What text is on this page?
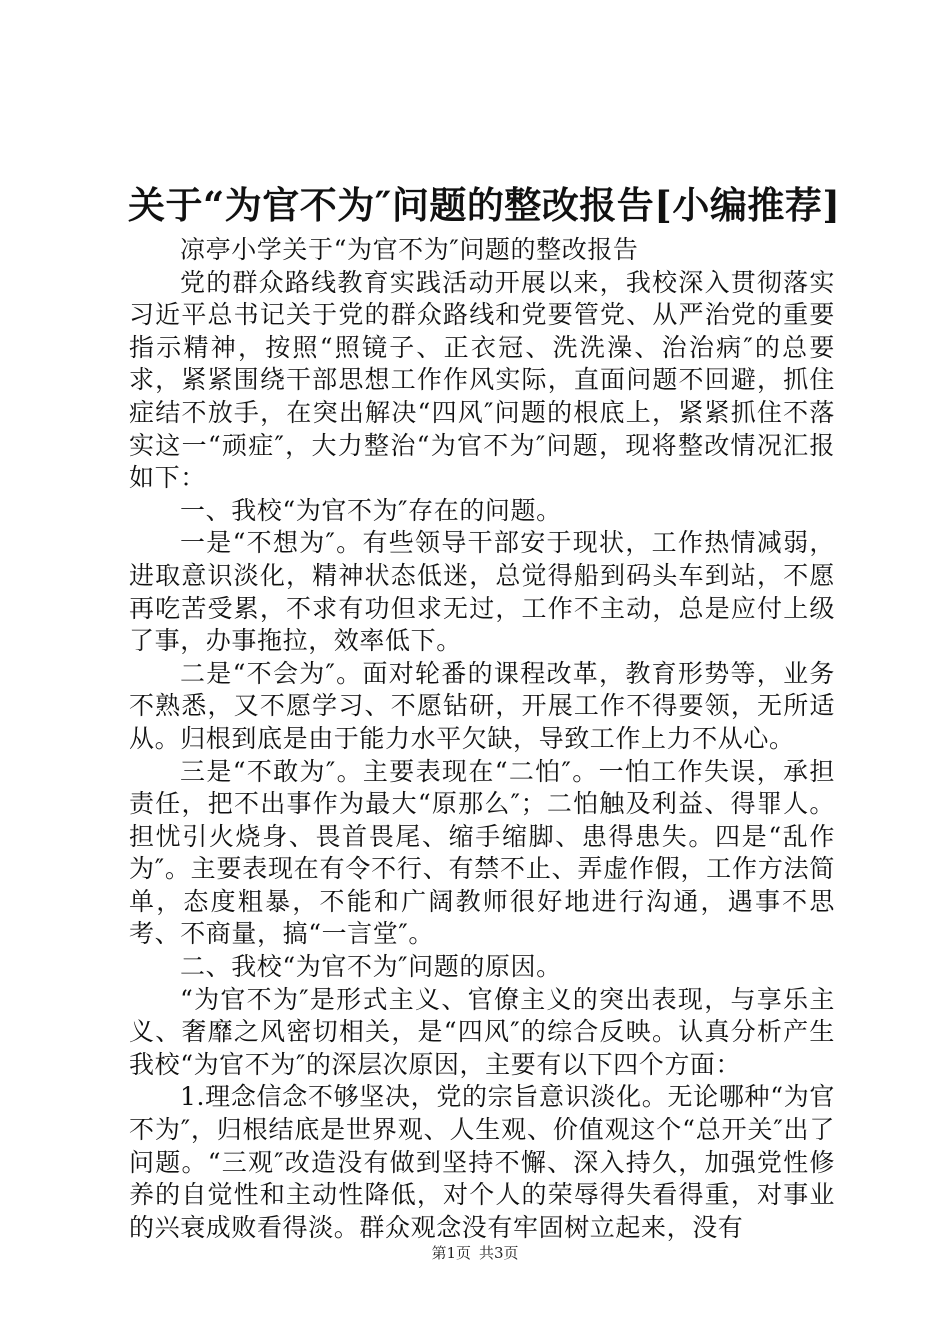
关于“为官不为″问题的整改报告[小编推荐]

凉亭小学关于“为官不为″问题的整改报告

党的群众路线教育实践活动开展以来，我校深入贯彻落实习近平总书记关于党的群众路线和党要管党、从严治党的重要指示精神，按照“照镜子、正衣冠、洗洗澡、治治病″的总要求，紧紧围绕干部思想工作作风实际，直面问题不回避，抓住症结不放手，在突出解决“四风″问题的根底上，紧紧抓住不落实这一“顽症″，大力整治“为官不为″问题，现将整改情况汇报如下：

一、我校“为官不为″存在的问题。

一是“不想为″。有些领导干部安于现状，工作热情减弱，进取意识淡化，精神状态低迷，总觉得船到码头车到站，不愿再吃苦受累，不求有功但求无过，工作不主动，总是应付上级了事，办事拖拉，效率低下。

二是“不会为″。面对轮番的课程改革，教育形势等，业务不熟悉，又不愿学习、不愿钻研，开展工作不得要领，无所适从。归根到底是由于能力水平欠缺，导致工作上力不从心。

三是“不敢为″。主要表现在“二怕″。一怕工作失误，承担责任，把不出事作为最大“原那么″；二怕触及利益、得罪人。担忧引火烧身、畏首畏尾、缩手缩脚、患得患失。四是“乱作为″。主要表现在有令不行、有禁不止、弄虚作假，工作方法简单，态度粗暴，不能和广阔教师很好地进行沟通，遇事不思考、不商量，搞“一言堂″。

二、我校“为官不为″问题的原因。

“为官不为″是形式主义、官僚主义的突出表现，与享乐主义、奢靡之风密切相关，是“四风″的综合反映。认真分析产生我校“为官不为″的深层次原因，主要有以下四个方面：

1.理念信念不够坚决，党的宗旨意识淡化。无论哪种“为官不为″，归根结底是世界观、人生观、价值观这个“总开关″出了问题。“三观″改造没有做到坚持不懈、深入持久，加强党性修养的自觉性和主动性降低，对个人的荣辱得失看得重，对事业的兴衰成败看得淡。群众观念没有牢固树立起来，没有

第1页 共3页
